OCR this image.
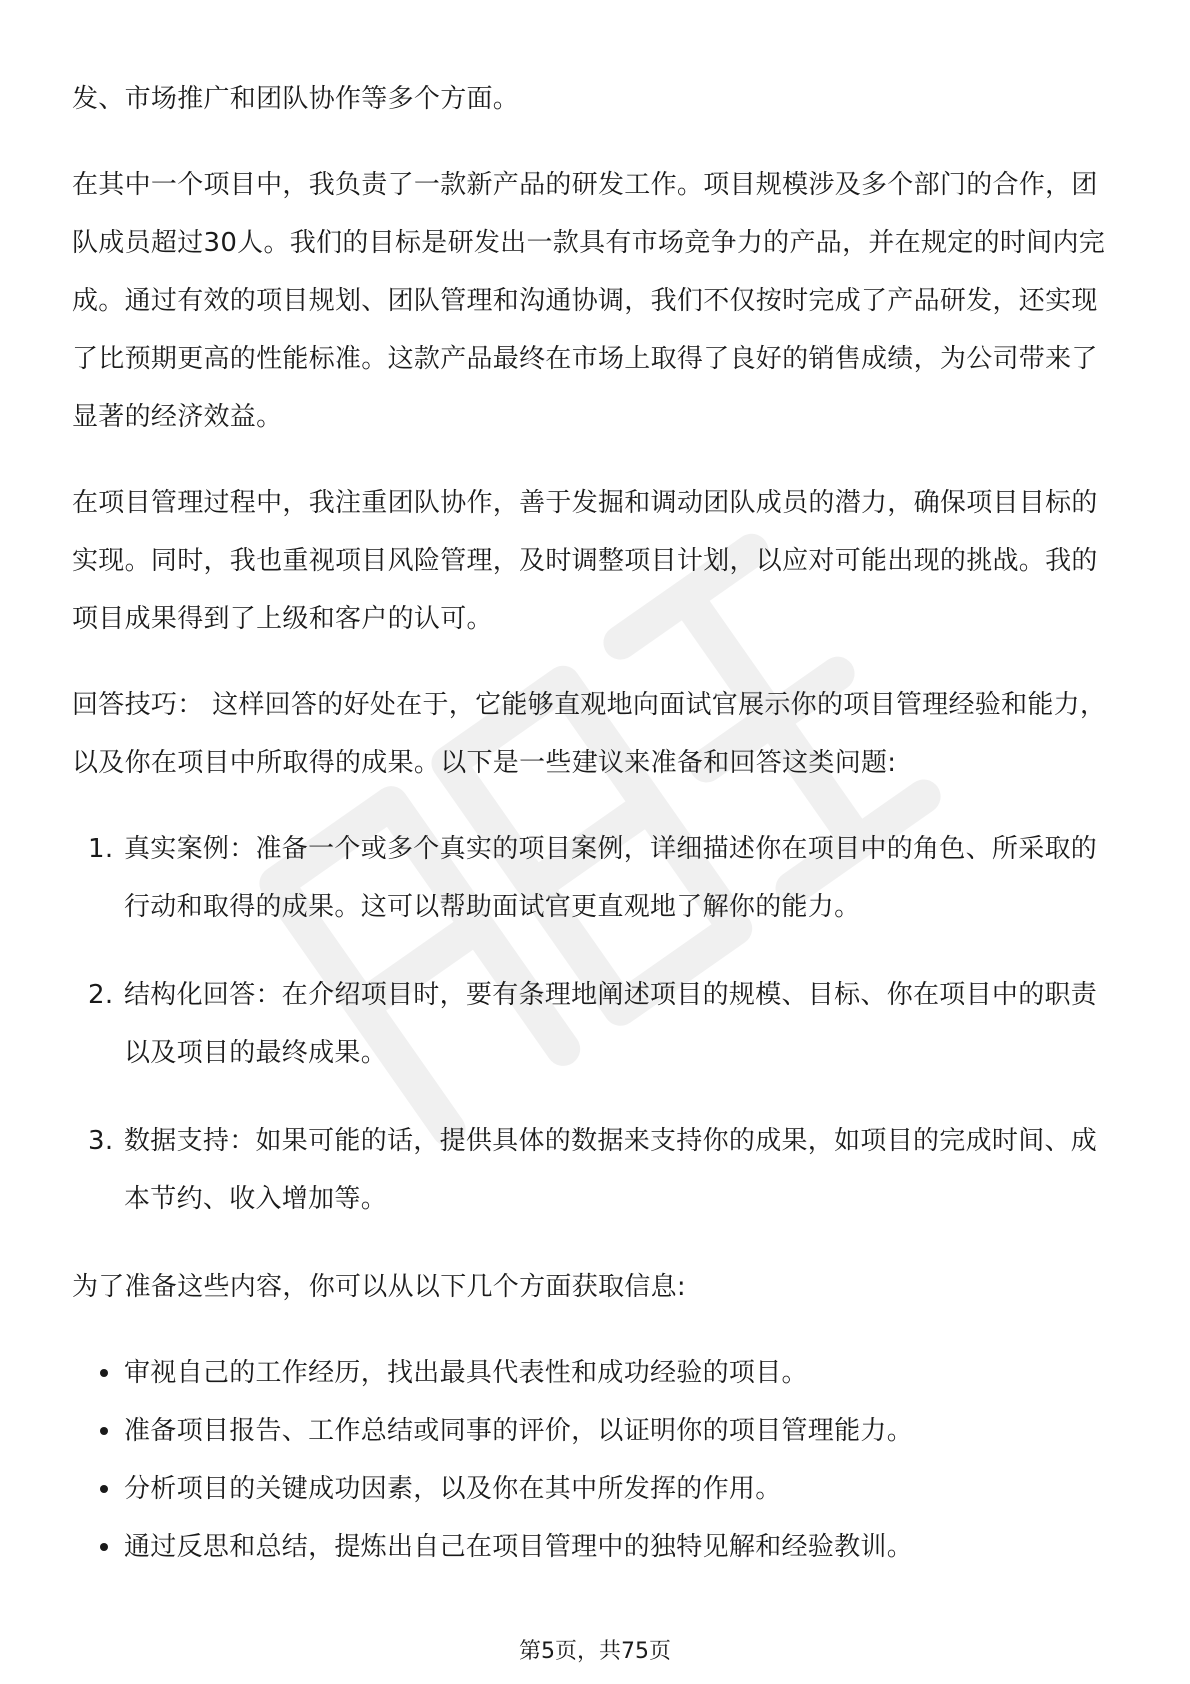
发、市场推广和团队协作等多个方面。

在其中一个项目中，我负责了一款新产品的研发工作。项目规模涉及多个部门的合作，团队成员超过30人。我们的目标是研发出一款具有市场竞争力的产品，并在规定的时间内完成。通过有效的项目规划、团队管理和沟通协调，我们不仅按时完成了产品研发，还实现了比预期更高的性能标准。这款产品最终在市场上取得了良好的销售成绩，为公司带来了显著的经济效益。

在项目管理过程中，我注重团队协作，善于发掘和调动团队成员的潜力，确保项目目标的实现。同时，我也重视项目风险管理，及时调整项目计划，以应对可能出现的挑战。我的项目成果得到了上级和客户的认可。

回答技巧： 这样回答的好处在于，它能够直观地向面试官展示你的项目管理经验和能力，以及你在项目中所取得的成果。以下是一些建议来准备和回答这类问题:

1. 真实案例：准备一个或多个真实的项目案例，详细描述你在项目中的角色、所采取的行动和取得的成果。这可以帮助面试官更直观地了解你的能力。
2. 结构化回答：在介绍项目时，要有条理地阐述项目的规模、目标、你在项目中的职责以及项目的最终成果。
3. 数据支持：如果可能的话，提供具体的数据来支持你的成果，如项目的完成时间、成本节约、收入增加等。

为了准备这些内容，你可以从以下几个方面获取信息:

审视自己的工作经历，找出最具代表性和成功经验的项目。
准备项目报告、工作总结或同事的评价，以证明你的项目管理能力。
分析项目的关键成功因素，以及你在其中所发挥的作用。
通过反思和总结，提炼出自己在项目管理中的独特见解和经验教训。
第5页，共75页
